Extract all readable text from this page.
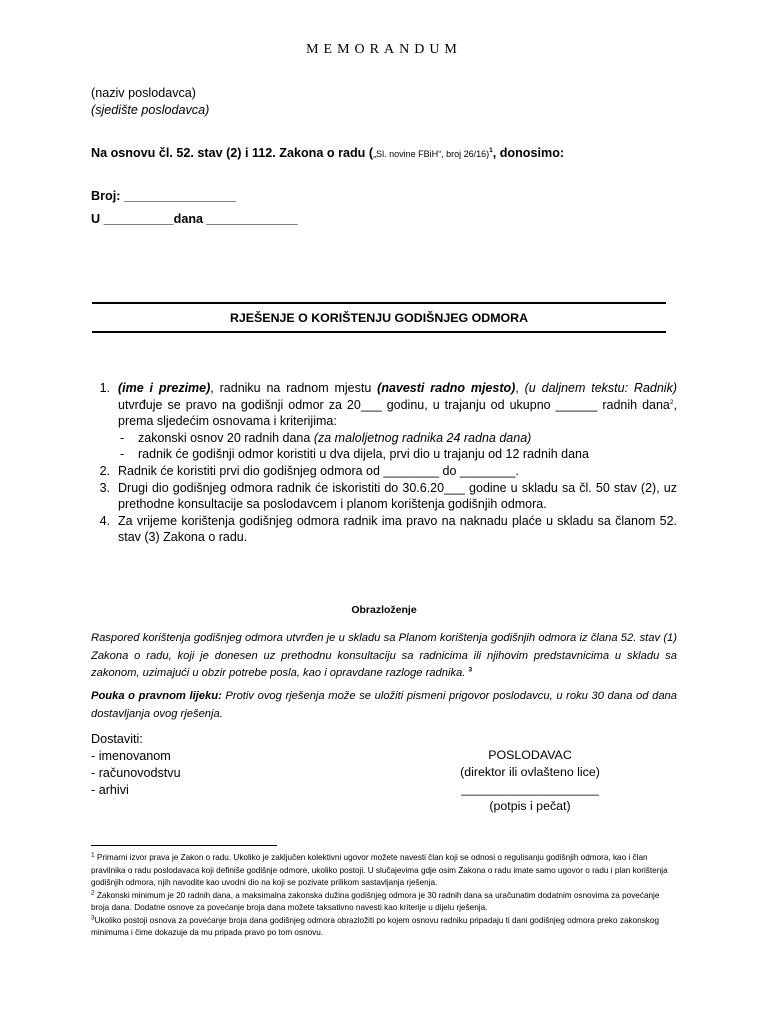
MEMORANDUM
(naziv poslodavca)
(sjedište poslodavca)
Na osnovu čl. 52. stav (2) i 112. Zakona o radu („Sl. novine FBiH“, broj 26/16)$^1$, donosimo:
Broj: ________________
U __________dana _____________
RJEŠENJE O KORIŠTENJU GODIŠNJEG ODMORA
1. (ime i prezime), radniku na radnom mjestu (navesti radno mjesto), (u daljnem tekstu: Radnik) utvrđuje se pravo na godišnji odmor za 20___ godinu, u trajanju od ukupno ______ radnih dana$^2$, prema sljedećim osnovama i kriterijima:
- zakonski osnov 20 radnih dana (za maloljetnog radnika 24 radna dana)
- radnik će godišnji odmor koristiti u dva dijela, prvi dio u trajanju od 12 radnih dana
2. Radnik će koristiti prvi dio godišnjeg odmora od ________ do ________.
3. Drugi dio godišnjeg odmora radnik će iskoristiti do 30.6.20___ godine u skladu sa čl. 50 stav (2), uz prethodne konsultacije sa poslodavcem i planom korištenja godišnjih odmora.
4. Za vrijeme korištenja godišnjeg odmora radnik ima pravo na naknadu plaće u skladu sa članom 52. stav (3) Zakona o radu.
Obrazloženje
Raspored korištenja godišnjeg odmora utvrđen je u skladu sa Planom korištenja godišnjih odmora iz člana 52. stav (1) Zakona o radu, koji je donesen uz prethodnu konsultaciju sa radnicima ili njihovim predstavnicima u skladu sa zakonom, uzimajući u obzir potrebe posla, kao i opravdane razloge radnika. $^3$
Pouka o pravnom lijeku: Protiv ovog rješenja može se uložiti pismeni prigovor poslodavcu, u roku 30 dana od dana dostavljanja ovog rješenja.
Dostaviti:
- imenovanom
- računovodstvu
- arhivi
POSLODAVAC
(direktor ili ovlašteno lice)
____________________
(potpis i pečat)
$^1$ Primarni izvor prava je Zakon o radu. Ukoliko je zaključen kolektivni ugovor možete navesti član koji se odnosi o regulisanju godišnjih odmora, kao i član pravilnika o radu poslodavaca koji definiše godišnje odmore, ukoliko postoji. U slučajevima gdje osim Zakona o radu imate samo ugovor o radu i plan korištenja godišnjih odmora, njih navodite kao uvodni dio na koji se pozivate prilikom sastavljanja rješenja.
$^2$ Zakonski minimum je 20 radnih dana, a maksimalna zakonska dužina godišnjeg odmora je 30 radnih dana sa uračunatim dodatnim osnovima za povećanje broja dana. Dodatne osnove za povećanje broja dana možete taksativno navesti kao kriterije u dijelu rješenja.
$^3$Ukoliko postoji osnova za povećanje broja dana godišnjeg odmora obrazložiti po kojem osnovu radniku pripadaju ti dani godišnjeg odmora preko zakonskog minimuma i čime dokazuje da mu pripada pravo po tom osnovu.
